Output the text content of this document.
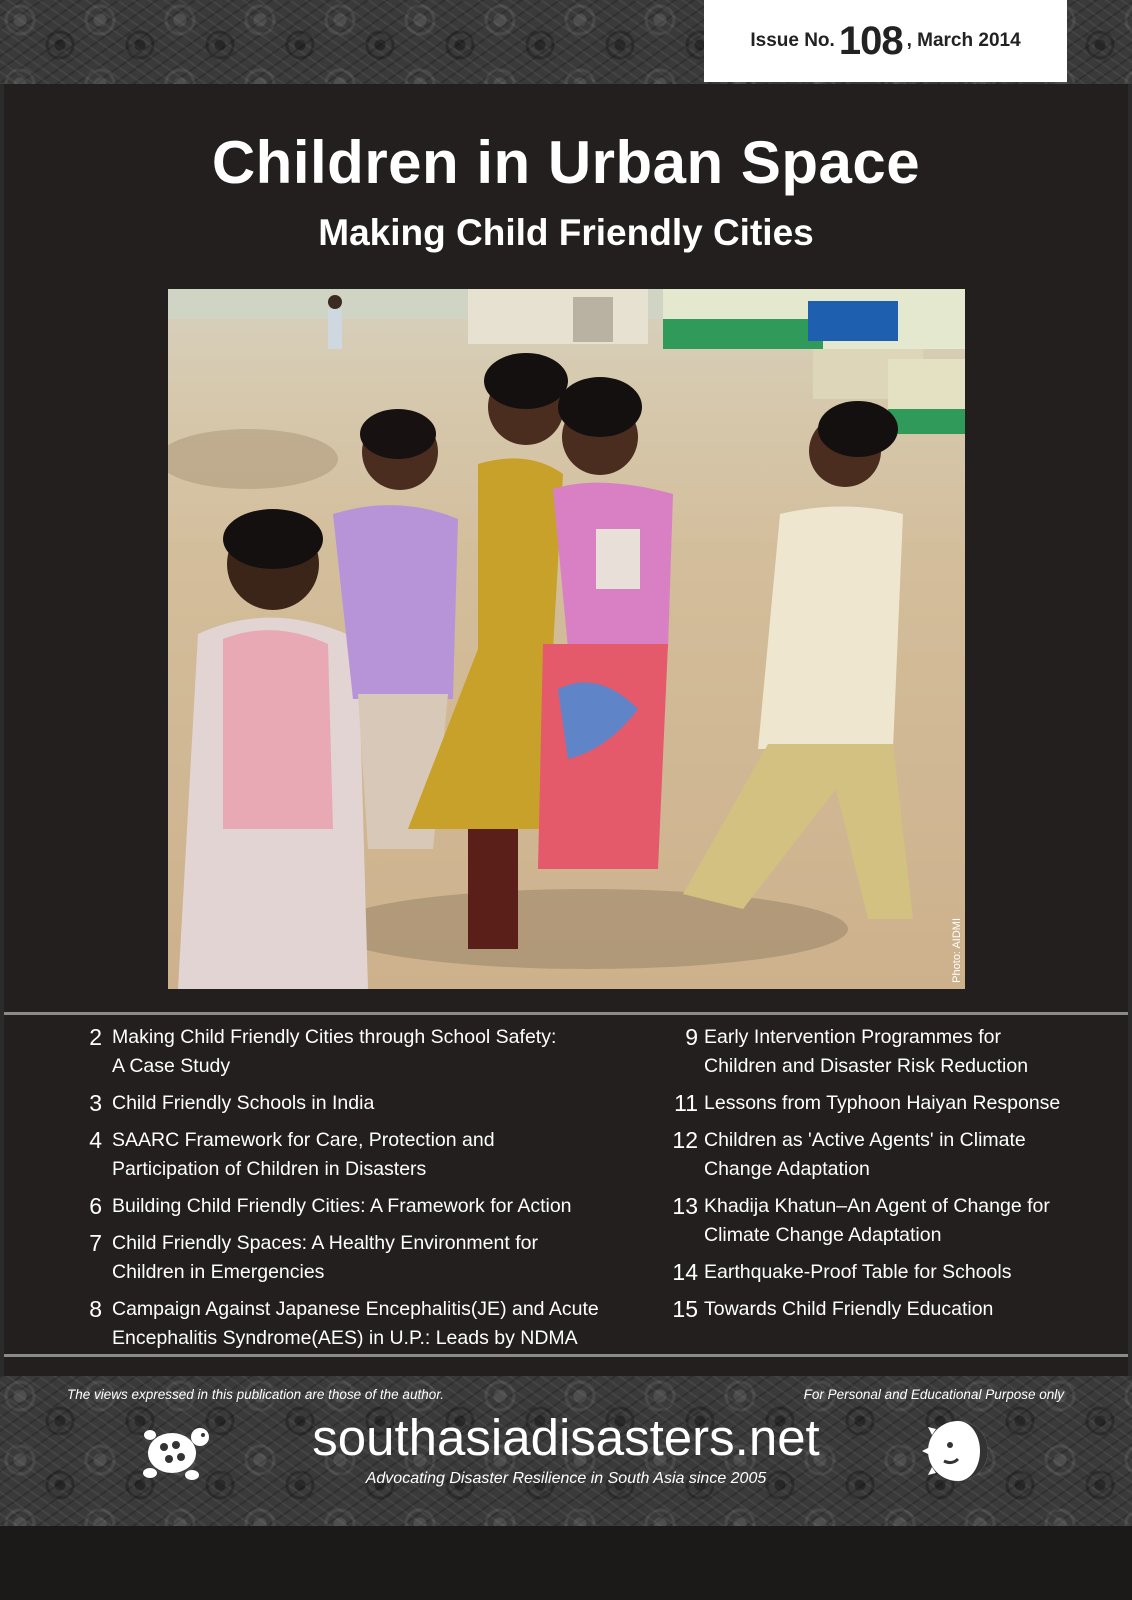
Issue No. 108 , March 2014
Children in Urban Space
Making Child Friendly Cities
Photo: AIDMI
2 Making Child Friendly Cities through School Safety:
A Case Study
3 Child Friendly Schools in India
4 SAARC Framework for Care, Protection and
Participation of Children in Disasters
6 Building Child Friendly Cities: A Framework for Action
7 Child Friendly Spaces: A Healthy Environment for
Children in Emergencies
8 Campaign Against Japanese Encephalitis(JE) and Acute
Encephalitis Syndrome(AES) in U.P.: Leads by NDMA
9 Early Intervention Programmes for
Children and Disaster Risk Reduction
11 Lessons from Typhoon Haiyan Response
12 Children as 'Active Agents' in Climate
Change Adaptation
13 Khadija Khatun–An Agent of Change for
Climate Change Adaptation
14 Earthquake-Proof Table for Schools
15 Towards Child Friendly Education
The views expressed in this publication are those of the author.	For Personal and Educational Purpose only
southasiadisasters.net
Advocating Disaster Resilience in South Asia since 2005
